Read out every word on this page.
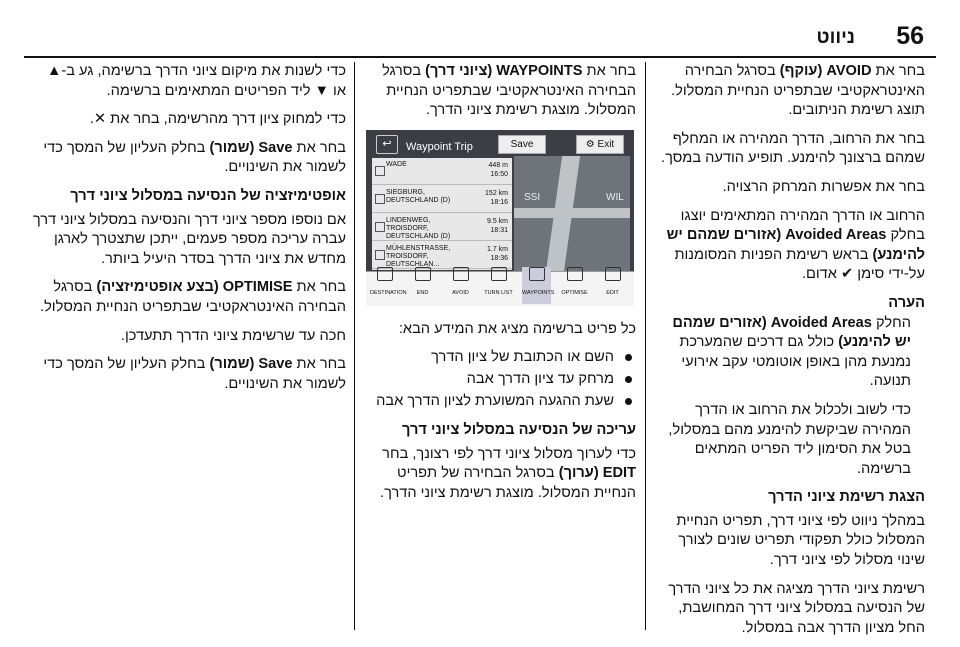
56
ניווט

בחר את AVOID (עוקף) בסרגל הבחירה האינטראקטיבי שבתפריט הנחיית המסלול. תוצג רשימת הניתובים.

בחר את הרחוב, הדרך המהירה או המחלף שמהם ברצונך להימנע. תופיע הודעה במסך.

בחר את אפשרות המרחק הרצויה.

הרחוב או הדרך המהירה המתאימים יוצגו בחלק Avoided Areas (אזורים שמהם יש להימנע) בראש רשימת הפניות המסומנות על-ידי סימן ✔ אדום.

הערה

החלק Avoided Areas (אזורים שמהם יש להימנע) כולל גם דרכים שהמערכת נמנעת מהן באופן אוטומטי עקב אירועי תנועה.

כדי לשוב ולכלול את הרחוב או הדרך המהירה שביקשת להימנע מהם במסלול, בטל את הסימון ליד הפריט המתאים ברשימה.

הצגת רשימת ציוני הדרך

במהלך ניווט לפי ציוני דרך, תפריט הנחיית המסלול כולל תפקודי תפריט שונים לצורך שינוי מסלול לפי ציוני דרך.

רשימת ציוני הדרך מציגה את כל ציוני הדרך של הנסיעה במסלול ציוני דרך המחושבת, החל מציון הדרך אבה במסלול.

בחר את WAYPOINTS (ציוני דרך) בסרגל הבחירה האינטראקטיבי שבתפריט הנחיית המסלול. מוצגת רשימת ציוני הדרך.

↩	Waypoint Trip	Save	⚙ Exit
WADE	448 m
16:50
SIEGBURG, DEUTSCHLAND (D)
152 km
18:16
LINDENWEG, TROISDORF, DEUTSCHLAND (D)
9.5 km
18:31
MÜHLENSTRASSE, TROISDORF, DEUTSCHLAN...
1.7 km
18:36
SSI	WIL
DESTINATION	END	AVOID	TURN LIST WAYPOINTS OPTIMISE	EDIT

כל פריט ברשימה מציג את המידע הבא:

השם או הכתובת של ציון הדרך
מרחק עד ציון הדרך אבה
שעת ההגעה המשוערת לציון הדרך אבה
עריכה של הנסיעה במסלול ציוני דרך

כדי לערוך מסלול ציוני דרך לפי רצונך, בחר EDIT (ערוך) בסרגל הבחירה של תפריט הנחיית המסלול. מוצגת רשימת ציוני הדרך.

כדי לשנות את מיקום ציוני הדרך ברשימה, גע ב-▲ או ▼ ליד הפריטים המתאימים ברשימה.

כדי למחוק ציון דרך מהרשימה, בחר את ✕.

בחר את Save (שמור) בחלק העליון של המסך כדי לשמור את השינויים.

אופטימיזציה של הנסיעה במסלול ציוני דרך

אם נוספו מספר ציוני דרך והנסיעה במסלול ציוני דרך עברה עריכה מספר פעמים, ייתכן שתצטרך לארגן מחדש את ציוני הדרך בסדר היעיל ביותר.

בחר את OPTIMISE (בצע אופטימיזציה) בסרגל הבחירה האינטראקטיבי שבתפריט הנחיית המסלול.

חכה עד שרשימת ציוני הדרך תתעדכן.

בחר את Save (שמור) בחלק העליון של המסך כדי לשמור את השינויים.
